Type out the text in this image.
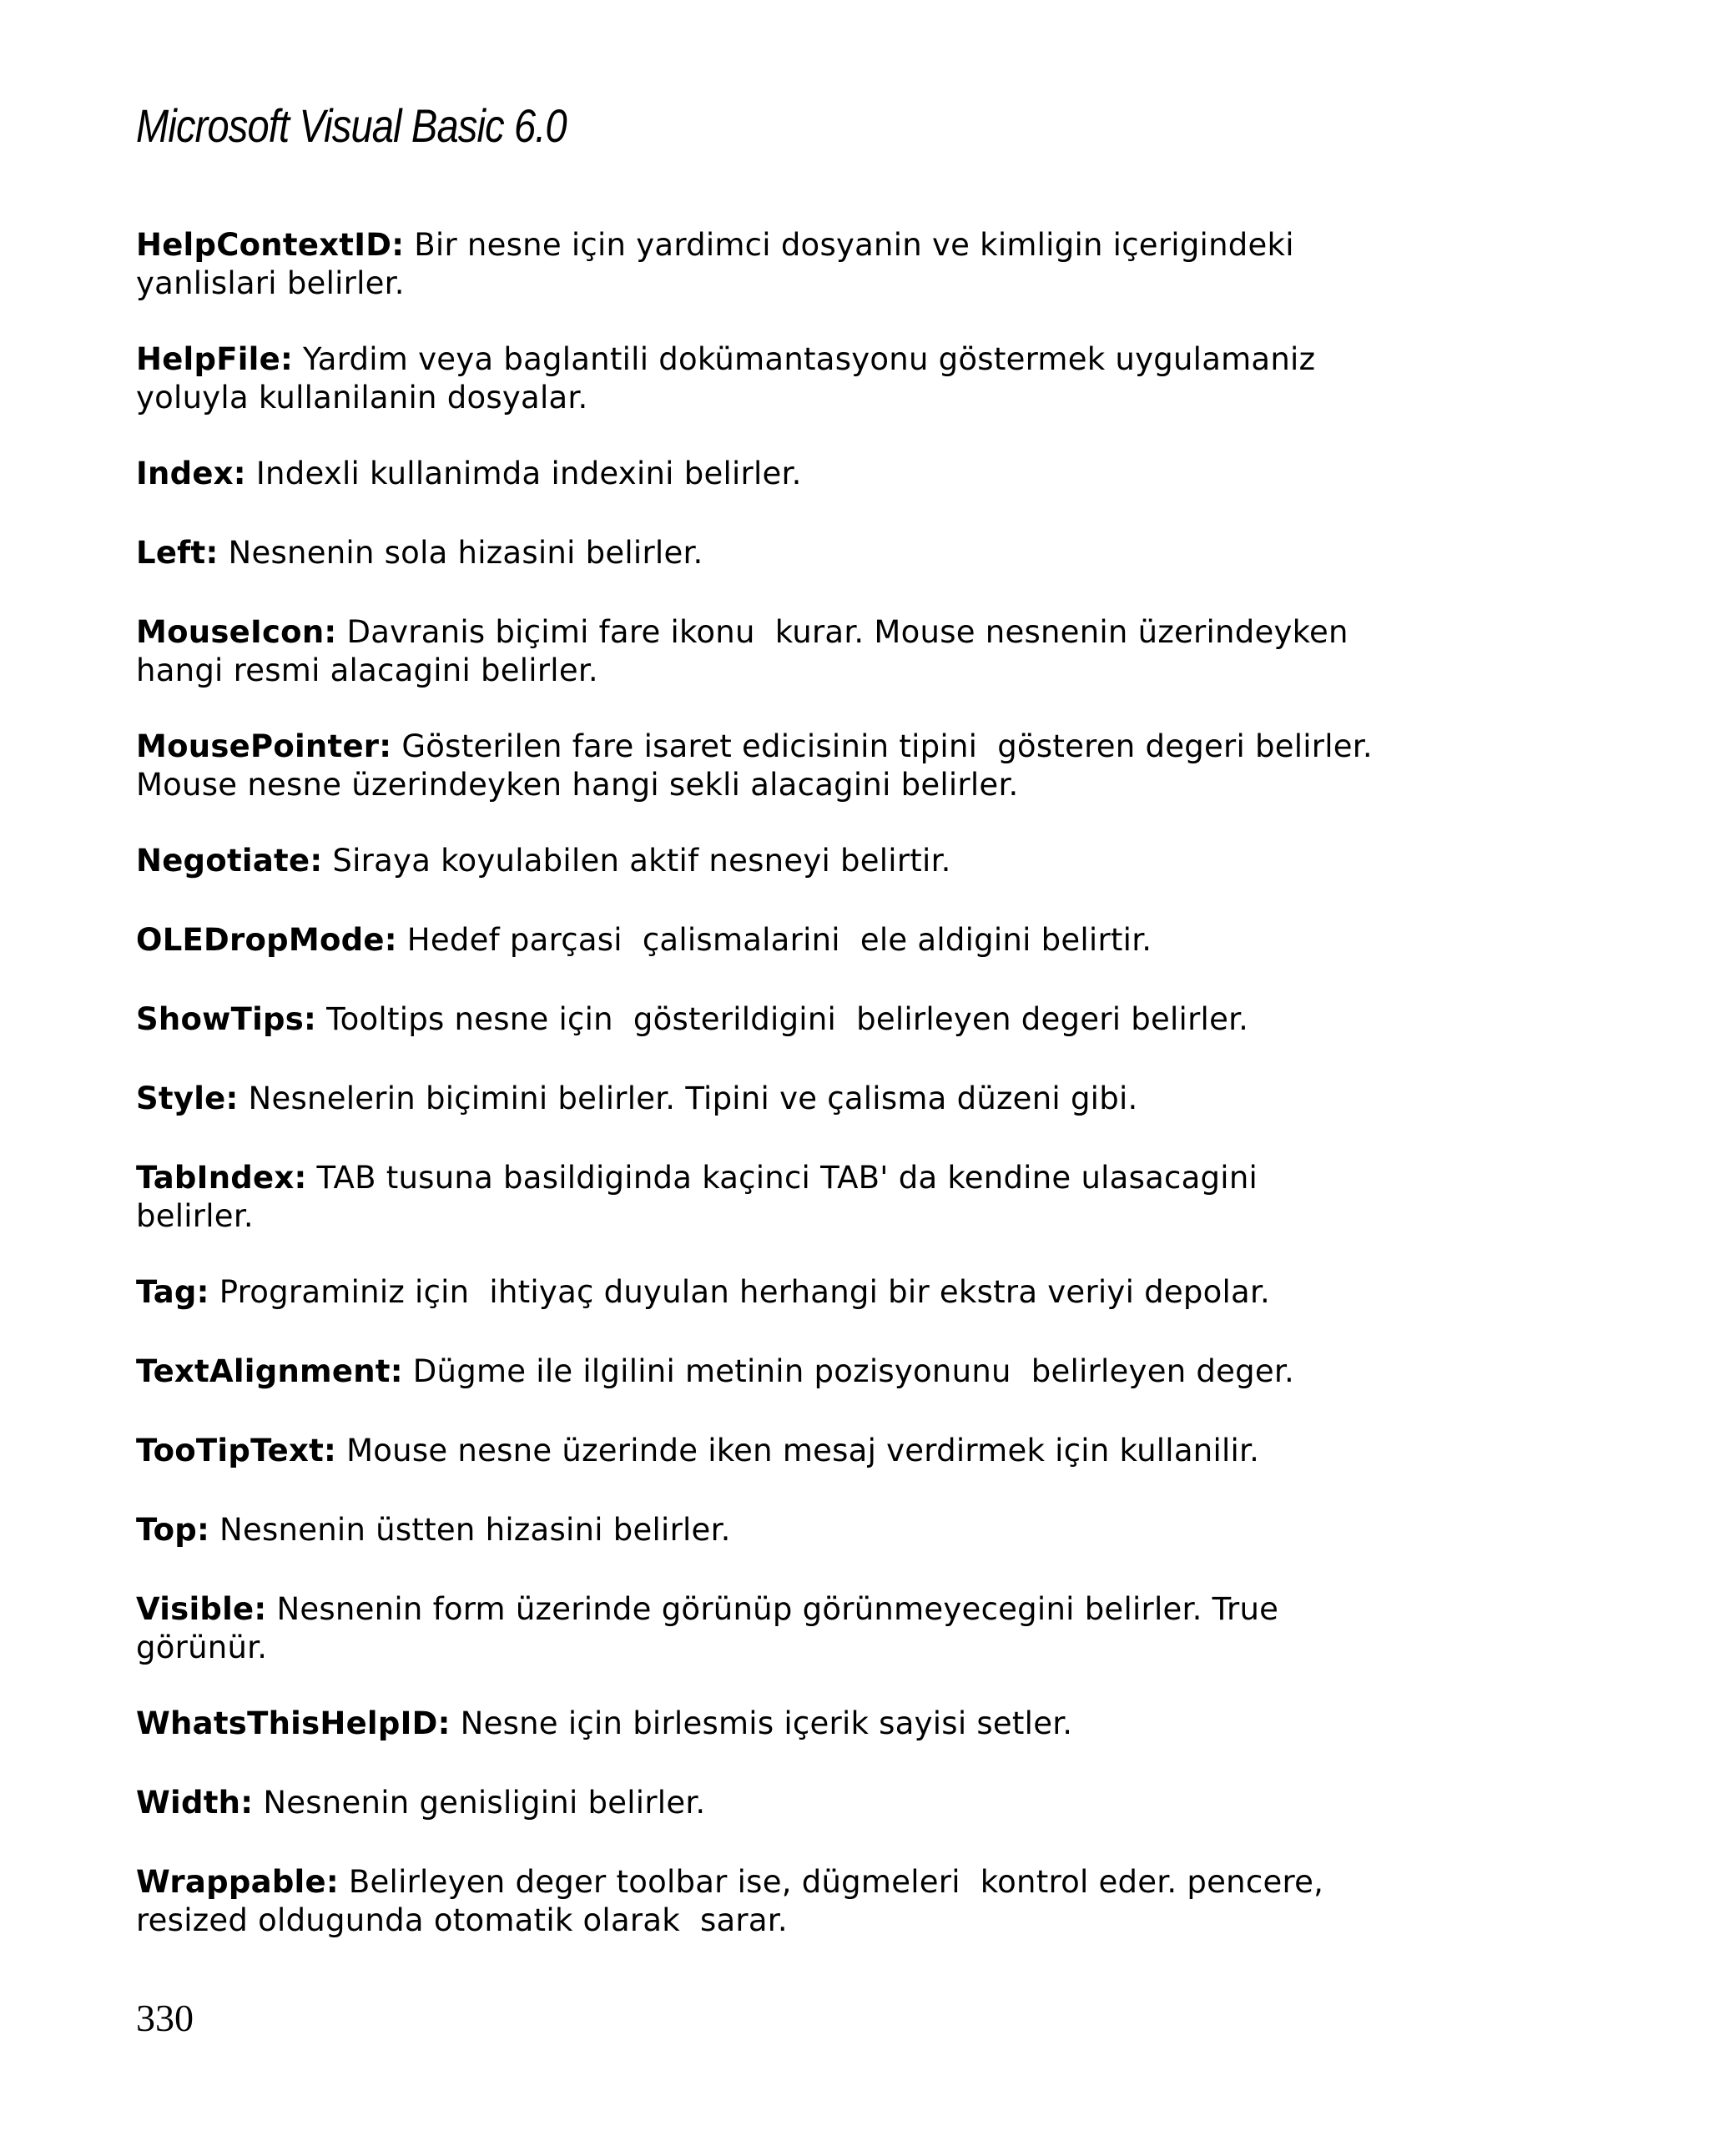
Microsoft Visual Basic 6.0
HelpContextID: Bir nesne için yardimci dosyanin ve kimligin içerigindeki
yanlislari belirler.
HelpFile: Yardim veya baglantili dokümantasyonu göstermek uygulamaniz
yoluyla kullanilanin dosyalar.
Index: Indexli kullanimda indexini belirler.
Left: Nesnenin sola hizasini belirler.
MouseIcon: Davranis biçimi fare ikonu  kurar. Mouse nesnenin üzerindeyken
hangi resmi alacagini belirler.
MousePointer: Gösterilen fare isaret edicisinin tipini  gösteren degeri belirler.
Mouse nesne üzerindeyken hangi sekli alacagini belirler.
Negotiate: Siraya koyulabilen aktif nesneyi belirtir.
OLEDropMode: Hedef parçasi  çalismalarini  ele aldigini belirtir.
ShowTips: Tooltips nesne için  gösterildigini  belirleyen degeri belirler.
Style: Nesnelerin biçimini belirler. Tipini ve çalisma düzeni gibi.
TabIndex: TAB tusuna basildiginda kaçinci TAB' da kendine ulasacagini
belirler.
Tag: Programiniz için  ihtiyaç duyulan herhangi bir ekstra veriyi depolar.
TextAlignment: Dügme ile ilgilini metinin pozisyonunu  belirleyen deger.
TooTipText: Mouse nesne üzerinde iken mesaj verdirmek için kullanilir.
Top: Nesnenin üstten hizasini belirler.
Visible: Nesnenin form üzerinde görünüp görünmeyecegini belirler. True
görünür.
WhatsThisHelpID: Nesne için birlesmis içerik sayisi setler.
Width: Nesnenin genisligini belirler.
Wrappable: Belirleyen deger toolbar ise, dügmeleri  kontrol eder. pencere,
resized oldugunda otomatik olarak  sarar.

330
